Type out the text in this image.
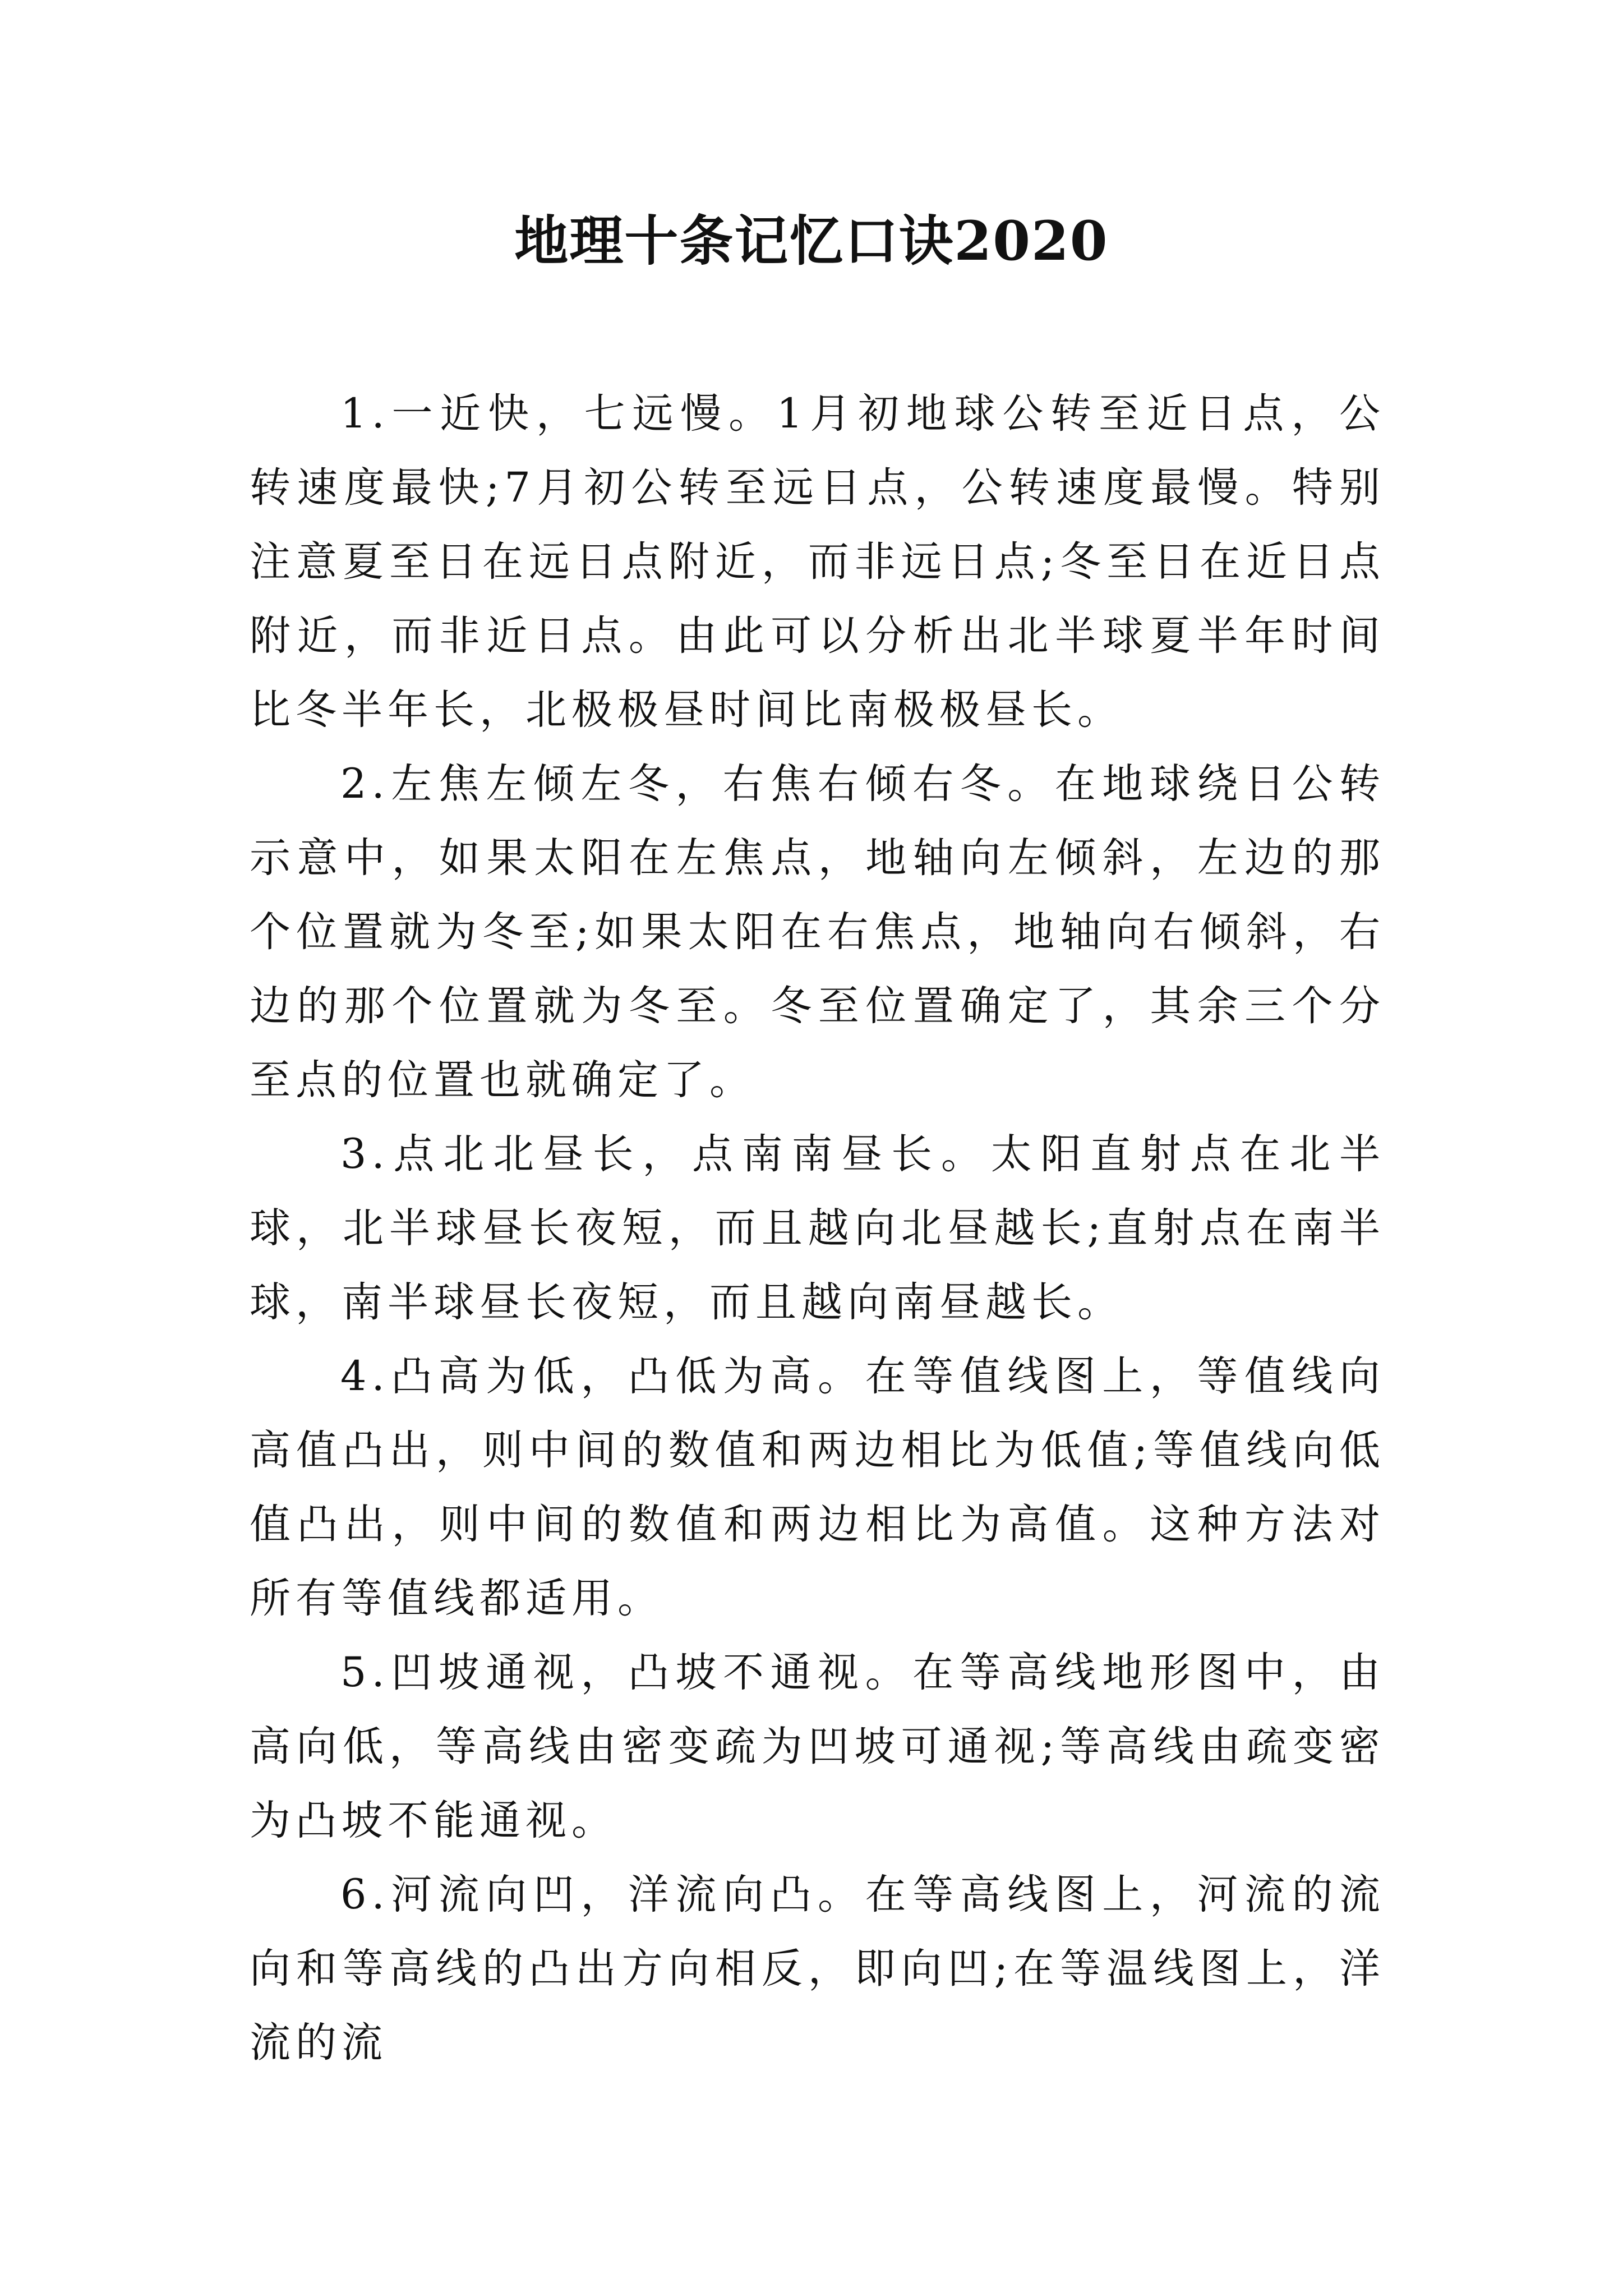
地理十条记忆口诀2020

1.一近快，七远慢。1月初地球公转至近日点，公转速度最快;7月初公转至远日点，公转速度最慢。特别注意夏至日在远日点附近，而非远日点;冬至日在近日点附近，而非近日点。由此可以分析出北半球夏半年时间比冬半年长，北极极昼时间比南极极昼长。

2.左焦左倾左冬，右焦右倾右冬。在地球绕日公转示意中，如果太阳在左焦点，地轴向左倾斜，左边的那个位置就为冬至;如果太阳在右焦点，地轴向右倾斜，右边的那个位置就为冬至。冬至位置确定了，其余三个分至点的位置也就确定了。

3.点北北昼长，点南南昼长。太阳直射点在北半球，北半球昼长夜短，而且越向北昼越长;直射点在南半球，南半球昼长夜短，而且越向南昼越长。

4.凸高为低，凸低为高。在等值线图上，等值线向高值凸出，则中间的数值和两边相比为低值;等值线向低值凸出，则中间的数值和两边相比为高值。这种方法对所有等值线都适用。

5.凹坡通视，凸坡不通视。在等高线地形图中，由高向低，等高线由密变疏为凹坡可通视;等高线由疏变密为凸坡不能通视。

6.河流向凹，洋流向凸。在等高线图上，河流的流向和等高线的凸出方向相反，即向凹;在等温线图上，洋流的流
